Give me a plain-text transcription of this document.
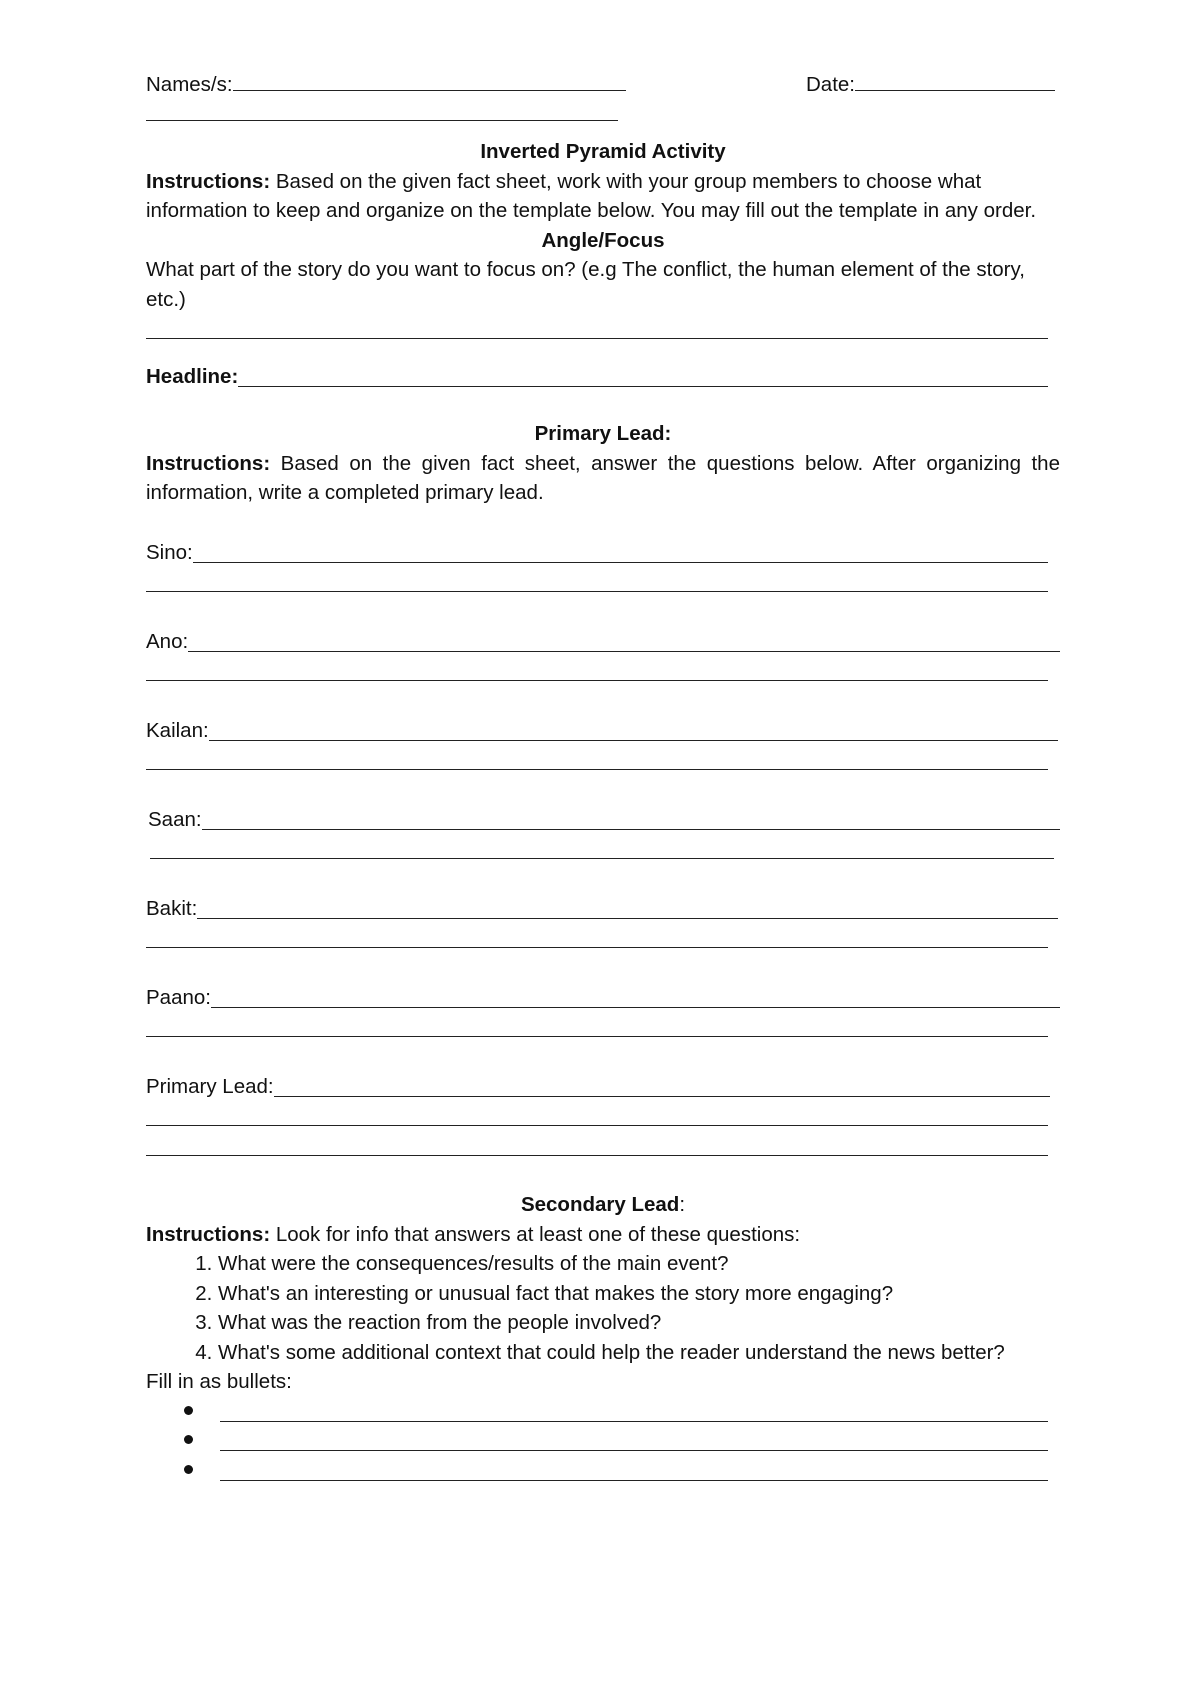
Names/s:	Date:
Inverted Pyramid Activity
Instructions: Based on the given fact sheet, work with your group members to choose what information to keep and organize on the template below. You may fill out the template in any order.
Angle/Focus
What part of the story do you want to focus on? (e.g The conflict, the human element of the story, etc.)
Headline:
Primary Lead:
Instructions: Based on the given fact sheet, answer the questions below. After organizing the information, write a completed primary lead.
Sino:
Ano:
Kailan:
Saan:
Bakit:
Paano:
Primary Lead:
Secondary Lead:
Instructions: Look for info that answers at least one of these questions:
1. What were the consequences/results of the main event?
2. What's an interesting or unusual fact that makes the story more engaging?
3. What was the reaction from the people involved?
4. What's some additional context that could help the reader understand the news better?
Fill in as bullets:
